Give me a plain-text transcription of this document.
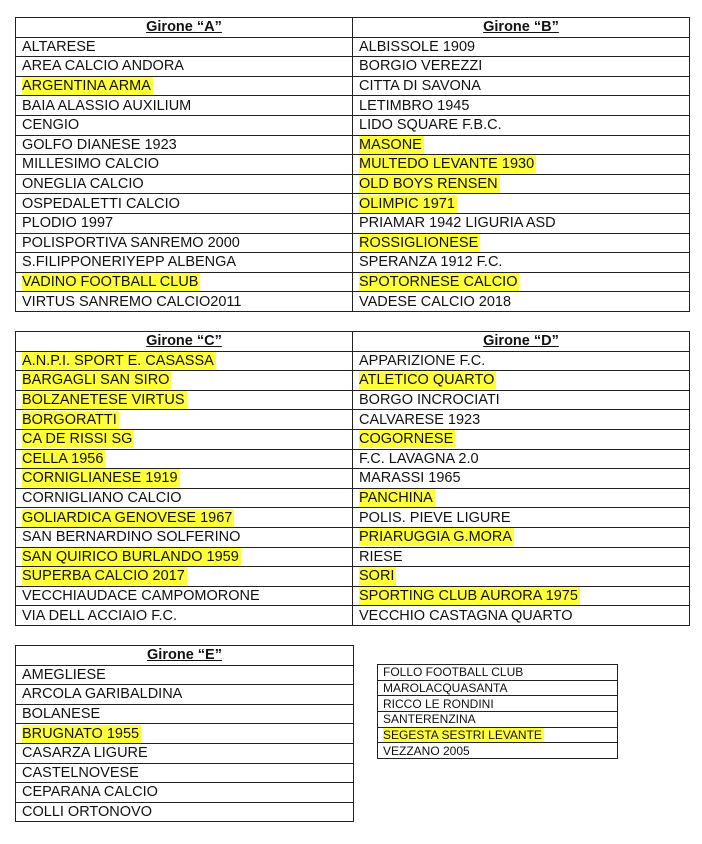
Girone “A”	Girone “B”
ALTARESE	ALBISSOLE 1909
AREA CALCIO ANDORA	BORGIO VEREZZI
ARGENTINA ARMA	CITTA DI SAVONA
BAIA ALASSIO AUXILIUM	LETIMBRO 1945
CENGIO	LIDO SQUARE F.B.C.
GOLFO DIANESE 1923	MASONE
MILLESIMO CALCIO	MULTEDO LEVANTE 1930
ONEGLIA CALCIO	OLD BOYS RENSEN
OSPEDALETTI CALCIO	OLIMPIC 1971
PLODIO 1997	PRIAMAR 1942 LIGURIA ASD
POLISPORTIVA SANREMO 2000	ROSSIGLIONESE
S.FILIPPONERIYEPP ALBENGA	SPERANZA 1912 F.C.
VADINO FOOTBALL CLUB	SPOTORNESE CALCIO
VIRTUS SANREMO CALCIO2011	VADESE CALCIO 2018
Girone “C”	Girone “D”
A.N.P.I. SPORT E. CASASSA	APPARIZIONE F.C.
BARGAGLI SAN SIRO	ATLETICO QUARTO
BOLZANETESE VIRTUS	BORGO INCROCIATI
BORGORATTI	CALVARESE 1923
CA DE RISSI SG	COGORNESE
CELLA 1956	F.C. LAVAGNA 2.0
CORNIGLIANESE 1919	MARASSI 1965
CORNIGLIANO CALCIO	PANCHINA
GOLIARDICA GENOVESE 1967	POLIS. PIEVE LIGURE
SAN BERNARDINO SOLFERINO	PRIARUGGIA G.MORA
SAN QUIRICO BURLANDO 1959	RIESE
SUPERBA CALCIO 2017	SORI
VECCHIAUDACE CAMPOMORONE	SPORTING CLUB AURORA 1975
VIA DELL ACCIAIO F.C.	VECCHIO CASTAGNA QUARTO
Girone “E”
AMEGLIESE
ARCOLA GARIBALDINA
BOLANESE
BRUGNATO 1955
CASARZA LIGURE
CASTELNOVESE
CEPARANA CALCIO
COLLI ORTONOVO
FOLLO FOOTBALL CLUB
MAROLACQUASANTA
RICCO LE RONDINI
SANTERENZINA
SEGESTA SESTRI LEVANTE
VEZZANO 2005
